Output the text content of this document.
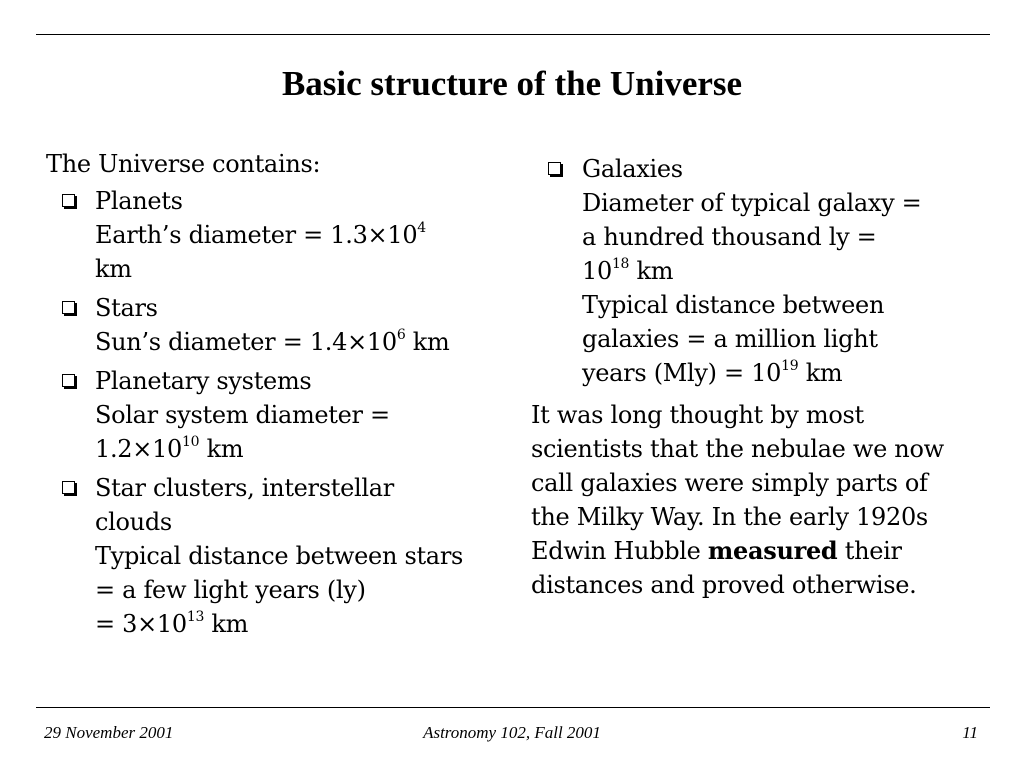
Basic structure of the Universe
The Universe contains:
Planets
Earth’s diameter = $1.3\times 10^4$
km
Stars
Sun’s diameter = $1.4\times 10^6$ km
Planetary systems
Solar system diameter =
$1.2\times 10^{10}$ km
Star clusters, interstellar clouds
Typical distance between stars = a few light years (ly)
= $3\times 10^{13}$ km
Galaxies
Diameter of typical galaxy =
a hundred thousand ly =
$10^{18}$ km
Typical distance between
galaxies = a million light
years $(Mly) = 10^{19}$ km
It was long thought by most scientists that the nebulae we now call galaxies were simply parts of the Milky Way. In the early 1920s Edwin Hubble measured their distances and proved otherwise.
29 November 2001	Astronomy 102, Fall 2001	11
